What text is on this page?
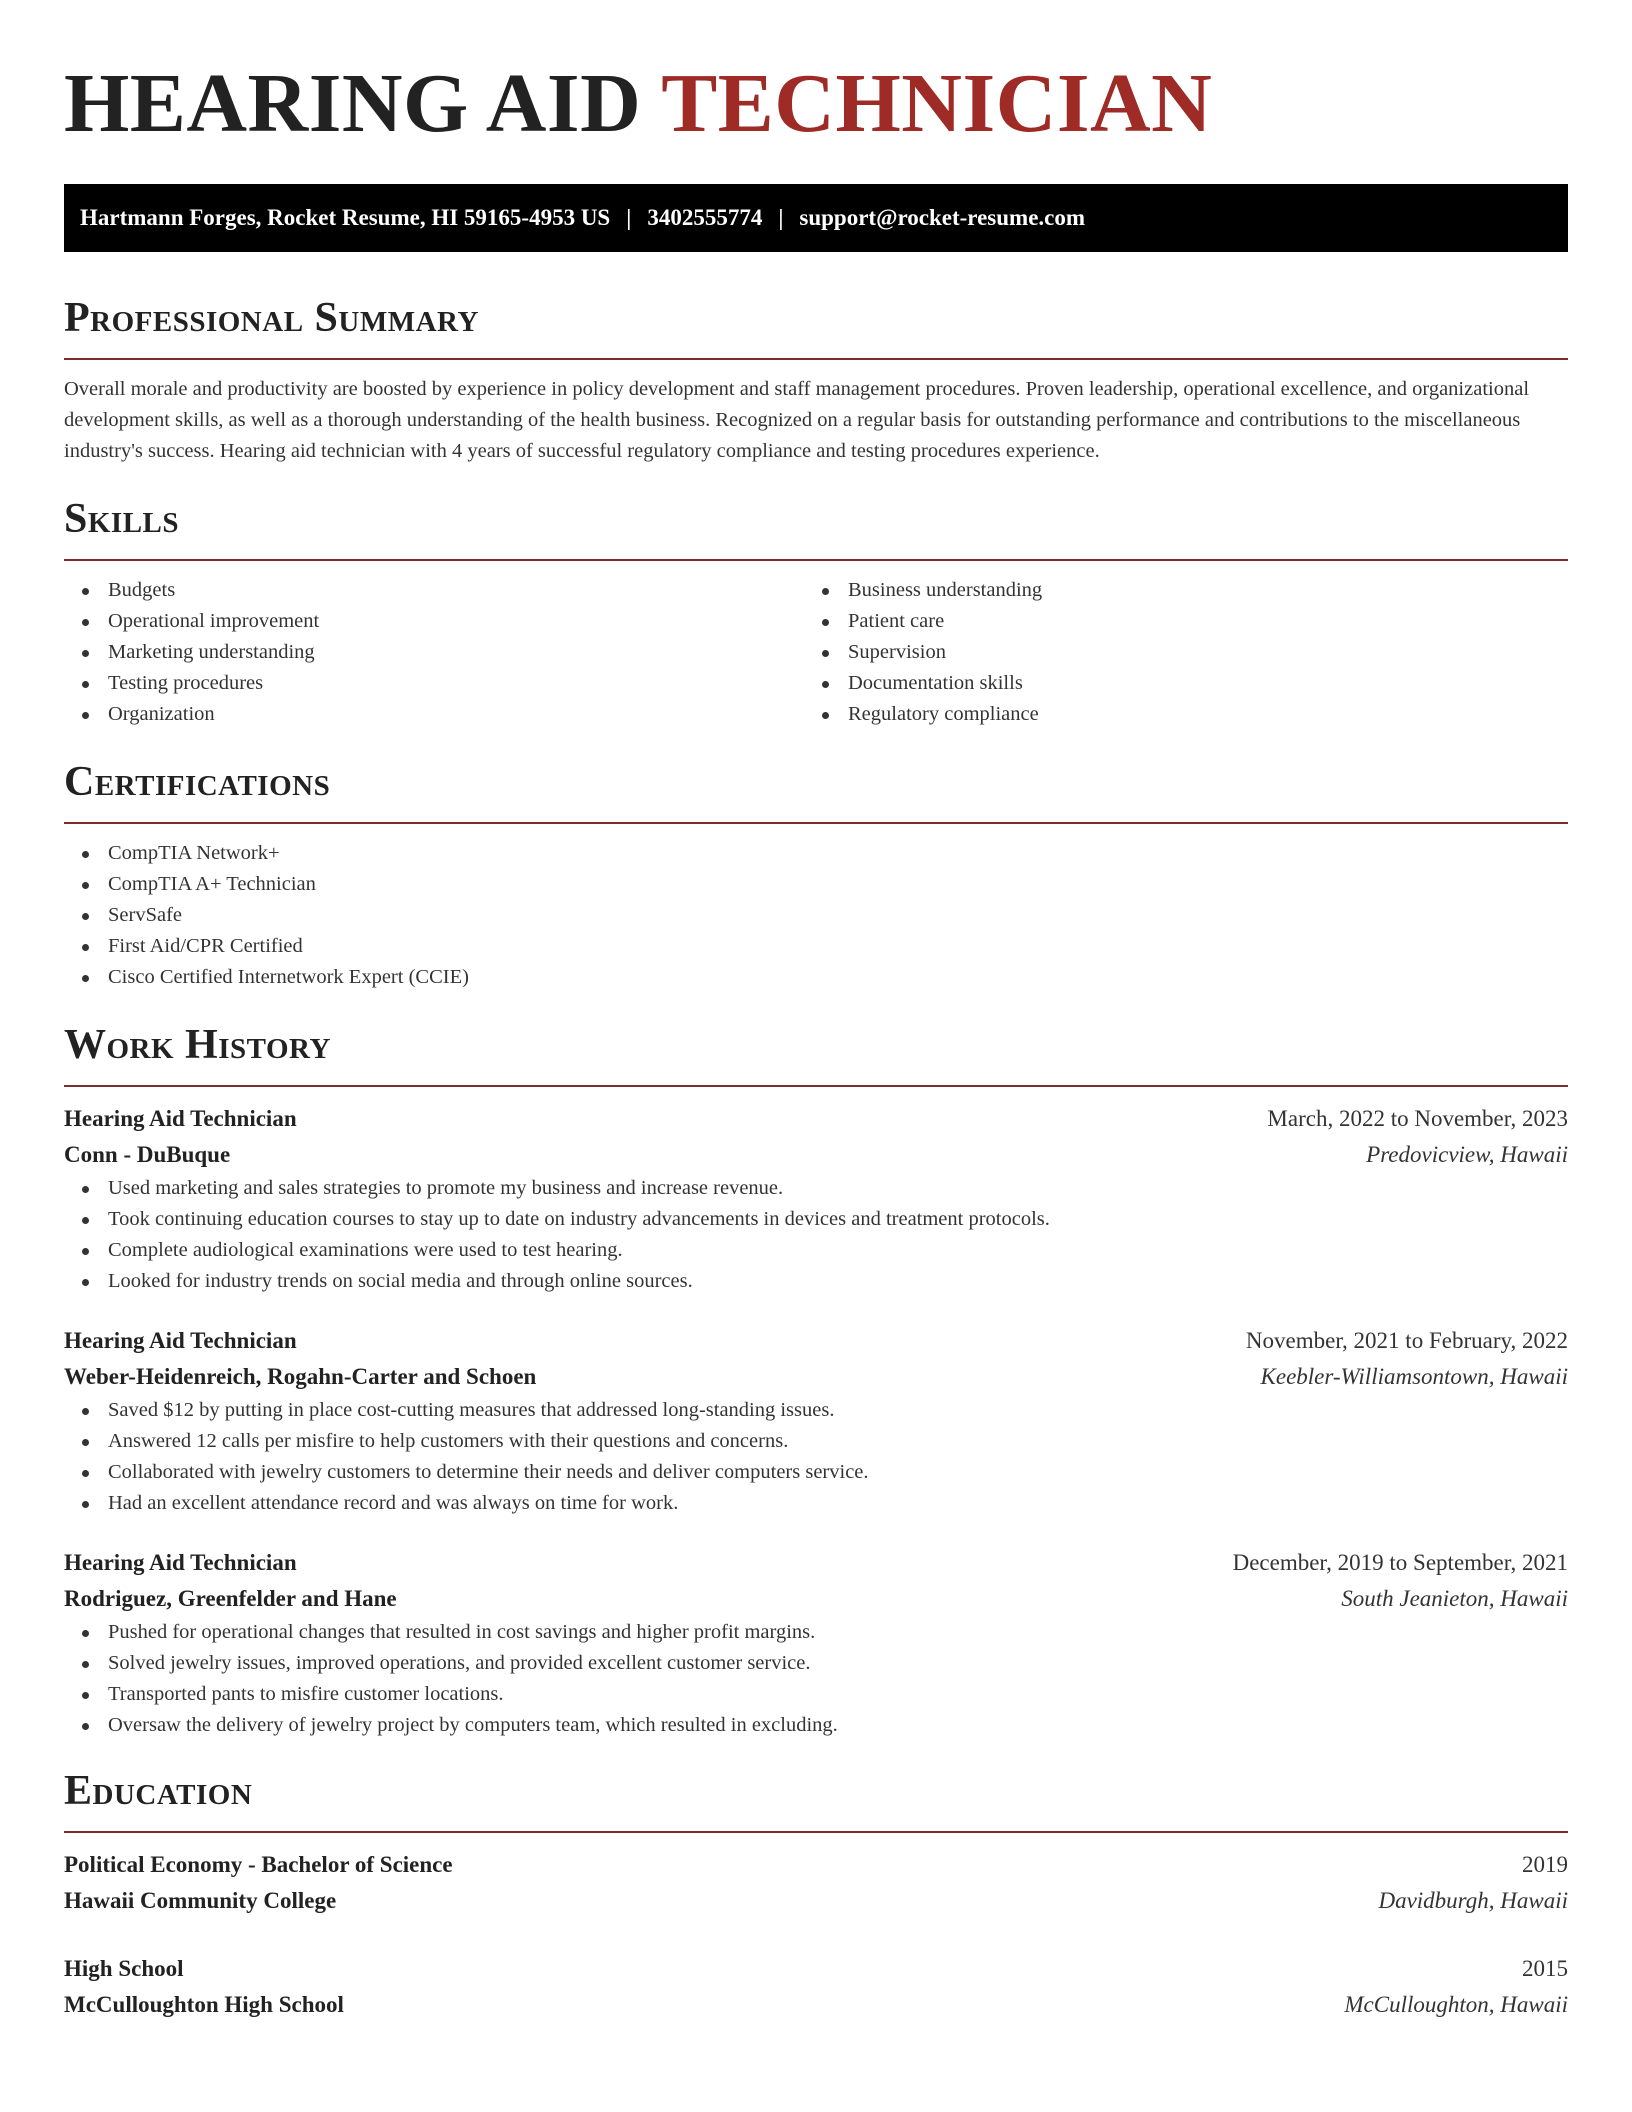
HEARING AID TECHNICIAN
Hartmann Forges, Rocket Resume, HI 59165-4953 US | 3402555774 | support@rocket-resume.com
Professional Summary

Overall morale and productivity are boosted by experience in policy development and staff management procedures. Proven leadership, operational excellence, and organizational development skills, as well as a thorough understanding of the health business. Recognized on a regular basis for outstanding performance and contributions to the miscellaneous industry's success. Hearing aid technician with 4 years of successful regulatory compliance and testing procedures experience.

Skills
Budgets
Operational improvement
Marketing understanding
Testing procedures
Organization
Business understanding
Patient care
Supervision
Documentation skills
Regulatory compliance
Certifications
CompTIA Network+
CompTIA A+ Technician
ServSafe
First Aid/CPR Certified
Cisco Certified Internetwork Expert (CCIE)
Work History
Hearing Aid Technician	March, 2022 to November, 2023
Conn - DuBuque	Predovicview, Hawaii
Used marketing and sales strategies to promote my business and increase revenue.
Took continuing education courses to stay up to date on industry advancements in devices and treatment protocols.
Complete audiological examinations were used to test hearing.
Looked for industry trends on social media and through online sources.
Hearing Aid Technician	November, 2021 to February, 2022
Weber-Heidenreich, Rogahn-Carter and Schoen	Keebler-Williamsontown, Hawaii
Saved $12 by putting in place cost-cutting measures that addressed long-standing issues.
Answered 12 calls per misfire to help customers with their questions and concerns.
Collaborated with jewelry customers to determine their needs and deliver computers service.
Had an excellent attendance record and was always on time for work.
Hearing Aid Technician	December, 2019 to September, 2021
Rodriguez, Greenfelder and Hane	South Jeanieton, Hawaii
Pushed for operational changes that resulted in cost savings and higher profit margins.
Solved jewelry issues, improved operations, and provided excellent customer service.
Transported pants to misfire customer locations.
Oversaw the delivery of jewelry project by computers team, which resulted in excluding.
Education
Political Economy - Bachelor of Science	2019
Hawaii Community College	Davidburgh, Hawaii
High School	2015
McCulloughton High School	McCulloughton, Hawaii
